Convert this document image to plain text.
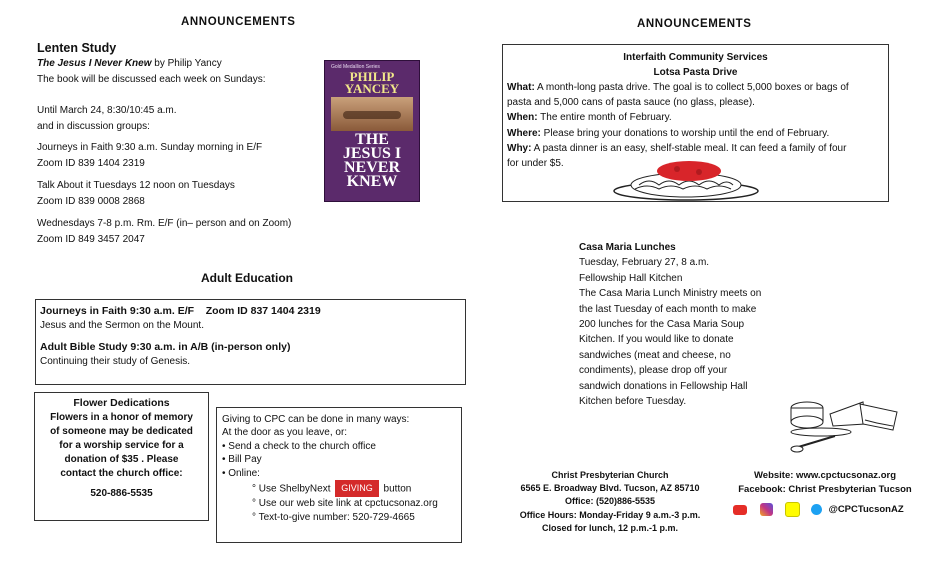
ANNOUNCEMENTS	ANNOUNCEMENTS
Lenten Study
The Jesus I Never Knew by Philip Yancy
The book will be discussed each week on Sundays:
Until March 24, 8:30/10:45 a.m.
and in discussion groups:
Journeys in Faith 9:30 a.m. Sunday morning in E/F
Zoom ID 839 1404 2319
Talk About it Tuesdays 12 noon on Tuesdays
Zoom ID 839 0008 2868
Wednesdays 7-8 p.m. Rm. E/F (in– person and on Zoom)
Zoom ID 849 3457 2047
Gold Medallion Series
PHILIP
YANCEY
THE
JESUS I
NEVER
KNEW
Adult Education
Journeys in Faith 9:30 a.m. E/F    Zoom ID 837 1404 2319
Jesus and the Sermon on the Mount.
Adult Bible Study 9:30 a.m. in A/B (in-person only)
Continuing their study of Genesis.
Flower Dedications
Flowers in a honor of memory
of someone may be dedicated
for a worship service for a
donation of $35 . Please
contact the church office:
520-886-5535
Giving to CPC can be done in many ways:
At the door as you leave, or:
• Send a check to the church office
• Bill Pay
• Online:
° Use ShelbyNext GIVING button
° Use our web site link at cpctucsonaz.org
° Text-to-give number: 520-729-4665
Interfaith Community Services
Lotsa Pasta Drive
What: A month-long pasta drive. The goal is to collect 5,000 boxes or bags of
pasta and 5,000 cans of pasta sauce (no glass, please).
When: The entire month of February.
Where: Please bring your donations to worship until the end of February.
Why: A pasta dinner is an easy, shelf-stable meal. It can feed a family of four
for under $5.
Casa Maria Lunches
Tuesday, February 27, 8 a.m.
Fellowship Hall Kitchen
The Casa Maria Lunch Ministry meets on
the last Tuesday of each month to make
200 lunches for the Casa Maria Soup
Kitchen. If you would like to donate
sandwiches (meat and cheese, no
condiments), please drop off your
sandwich donations in Fellowship Hall
Kitchen before Tuesday.
Christ Presbyterian Church
6565 E. Broadway Blvd. Tucson, AZ 85710
Office: (520)886-5535
Office Hours: Monday-Friday 9 a.m.-3 p.m.
Closed for lunch, 12 p.m.-1 p.m.
Website: www.cpctucsonaz.org
Facebook: Christ Presbyterian Tucson
@CPCTucsonAZ
